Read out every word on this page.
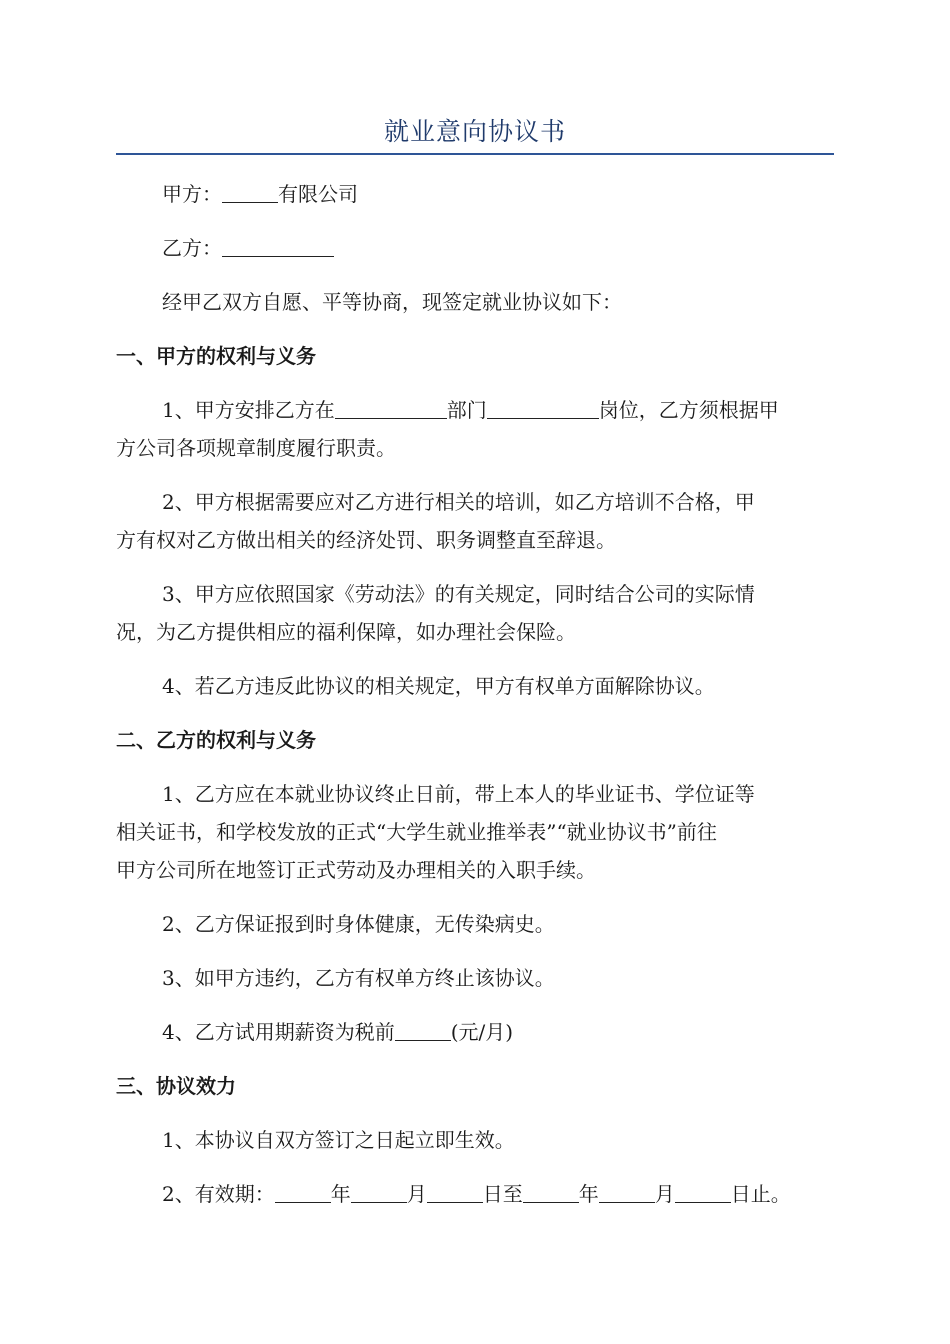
就业意向协议书
甲方：	有限公司
乙方：
经甲乙双方自愿、平等协商，现签定就业协议如下：
一、甲方的权利与义务
1、甲方安排乙方在	部门	岗位，乙方须根据甲
方公司各项规章制度履行职责。
2、甲方根据需要应对乙方进行相关的培训，如乙方培训不合格，甲
方有权对乙方做出相关的经济处罚、职务调整直至辞退。
3、甲方应依照国家《劳动法》的有关规定，同时结合公司的实际情
况，为乙方提供相应的福利保障，如办理社会保险。
4、若乙方违反此协议的相关规定，甲方有权单方面解除协议。
二、乙方的权利与义务
1、乙方应在本就业协议终止日前，带上本人的毕业证书、学位证等
相关证书，和学校发放的正式“大学生就业推举表”“就业协议书”前往
甲方公司所在地签订正式劳动及办理相关的入职手续。
2、乙方保证报到时身体健康，无传染病史。
3、如甲方违约，乙方有权单方终止该协议。
4、乙方试用期薪资为税前	(元/月)
三、协议效力
1、本协议自双方签订之日起立即生效。
2、有效期：	年	月	日至	年	月	日止。
